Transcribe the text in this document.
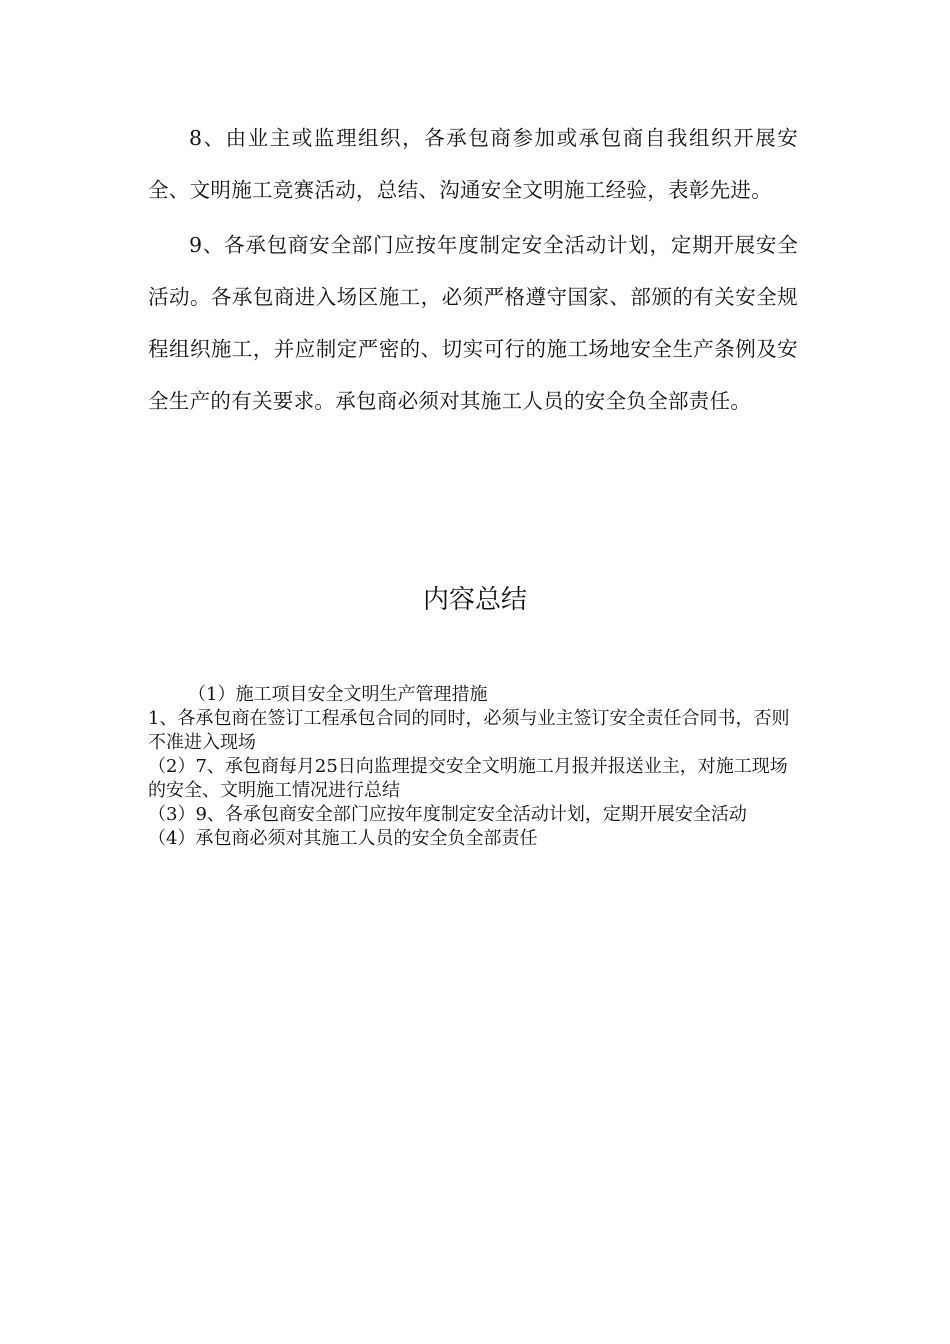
8、由业主或监理组织，各承包商参加或承包商自我组织开展安全、文明施工竞赛活动，总结、沟通安全文明施工经验，表彰先进。

9、各承包商安全部门应按年度制定安全活动计划，定期开展安全活动。各承包商进入场区施工，必须严格遵守国家、部颁的有关安全规程组织施工，并应制定严密的、切实可行的施工场地安全生产条例及安全生产的有关要求。承包商必须对其施工人员的安全负全部责任。

内容总结
（1）施工项目安全文明生产管理措施
1、各承包商在签订工程承包合同的同时，必须与业主签订安全责任合同书，否则不准进入现场
（2）7、承包商每月25日向监理提交安全文明施工月报并报送业主，对施工现场的安全、文明施工情况进行总结
（3）9、各承包商安全部门应按年度制定安全活动计划，定期开展安全活动
（4）承包商必须对其施工人员的安全负全部责任
